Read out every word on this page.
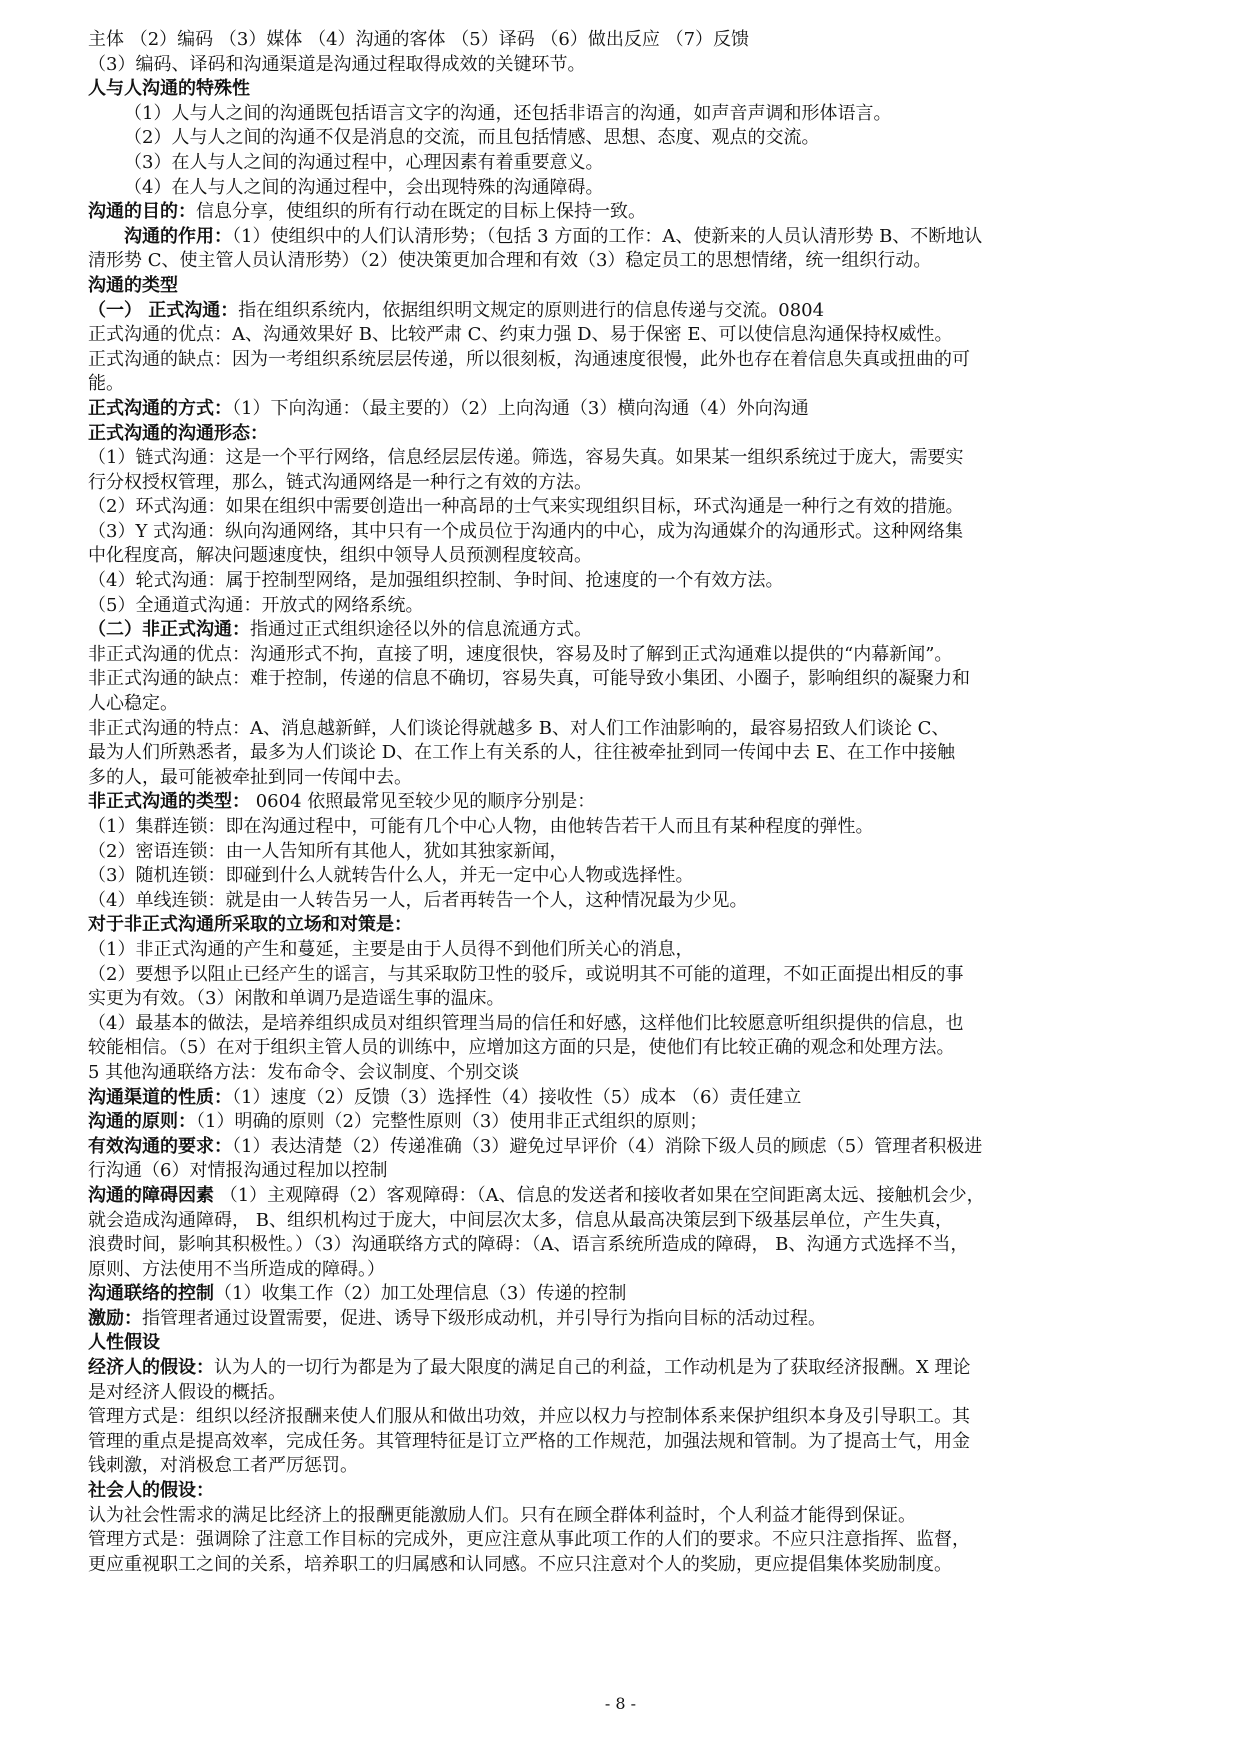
主体 （2）编码 （3）媒体 （4）沟通的客体 （5）译码 （6）做出反应 （7）反馈
（3）编码、译码和沟通渠道是沟通过程取得成效的关键环节。
人与人沟通的特殊性
（1）人与人之间的沟通既包括语言文字的沟通，还包括非语言的沟通，如声音声调和形体语言。
（2）人与人之间的沟通不仅是消息的交流，而且包括情感、思想、态度、观点的交流。
（3）在人与人之间的沟通过程中，心理因素有着重要意义。
（4）在人与人之间的沟通过程中，会出现特殊的沟通障碍。
沟通的目的：信息分享，使组织的所有行动在既定的目标上保持一致。
沟通的作用：（1）使组织中的人们认清形势；（包括 3 方面的工作：A、使新来的人员认清形势 B、不断地认
清形势 C、使主管人员认清形势）（2）使决策更加合理和有效（3）稳定员工的思想情绪，统一组织行动。
沟通的类型
（一） 正式沟通：指在组织系统内，依据组织明文规定的原则进行的信息传递与交流。0804
正式沟通的优点：A、沟通效果好 B、比较严肃 C、约束力强 D、易于保密 E、可以使信息沟通保持权威性。
正式沟通的缺点：因为一考组织系统层层传递，所以很刻板，沟通速度很慢，此外也存在着信息失真或扭曲的可
能。
正式沟通的方式：（1）下向沟通：（最主要的）（2）上向沟通（3）横向沟通（4）外向沟通
正式沟通的沟通形态：
（1）链式沟通：这是一个平行网络，信息经层层传递。筛选，容易失真。如果某一组织系统过于庞大，需要实
行分权授权管理，那么，链式沟通网络是一种行之有效的方法。
（2）环式沟通：如果在组织中需要创造出一种高昂的士气来实现组织目标，环式沟通是一种行之有效的措施。
（3）Y 式沟通：纵向沟通网络，其中只有一个成员位于沟通内的中心，成为沟通媒介的沟通形式。这种网络集
中化程度高，解决问题速度快，组织中领导人员预测程度较高。
（4）轮式沟通：属于控制型网络，是加强组织控制、争时间、抢速度的一个有效方法。
（5）全通道式沟通：开放式的网络系统。
（二）非正式沟通：指通过正式组织途径以外的信息流通方式。
非正式沟通的优点：沟通形式不拘，直接了明，速度很快，容易及时了解到正式沟通难以提供的“内幕新闻”。
非正式沟通的缺点：难于控制，传递的信息不确切，容易失真，可能导致小集团、小圈子，影响组织的凝聚力和
人心稳定。
非正式沟通的特点：A、消息越新鲜，人们谈论得就越多 B、对人们工作油影响的，最容易招致人们谈论 C、
最为人们所熟悉者，最多为人们谈论 D、在工作上有关系的人，往往被牵扯到同一传闻中去 E、在工作中接触
多的人，最可能被牵扯到同一传闻中去。
非正式沟通的类型： 0604 依照最常见至较少见的顺序分别是：
（1）集群连锁：即在沟通过程中，可能有几个中心人物，由他转告若干人而且有某种程度的弹性。
（2）密语连锁：由一人告知所有其他人，犹如其独家新闻，
（3）随机连锁：即碰到什么人就转告什么人，并无一定中心人物或选择性。
（4）单线连锁：就是由一人转告另一人，后者再转告一个人，这种情况最为少见。
对于非正式沟通所采取的立场和对策是：
（1）非正式沟通的产生和蔓延，主要是由于人员得不到他们所关心的消息，
（2）要想予以阻止已经产生的谣言，与其采取防卫性的驳斥，或说明其不可能的道理，不如正面提出相反的事
实更为有效。（3）闲散和单调乃是造谣生事的温床。
（4）最基本的做法，是培养组织成员对组织管理当局的信任和好感，这样他们比较愿意听组织提供的信息，也
较能相信。（5）在对于组织主管人员的训练中，应增加这方面的只是，使他们有比较正确的观念和处理方法。
5 其他沟通联络方法：发布命令、会议制度、个别交谈
沟通渠道的性质：（1）速度（2）反馈（3）选择性（4）接收性（5）成本 （6）责任建立
沟通的原则：（1）明确的原则（2）完整性原则（3）使用非正式组织的原则；
有效沟通的要求：（1）表达清楚（2）传递准确（3）避免过早评价（4）消除下级人员的顾虑（5）管理者积极进
行沟通（6）对情报沟通过程加以控制
沟通的障碍因素 （1）主观障碍（2）客观障碍：（A、信息的发送者和接收者如果在空间距离太远、接触机会少，
就会造成沟通障碍， B、组织机构过于庞大，中间层次太多，信息从最高决策层到下级基层单位，产生失真，
浪费时间，影响其积极性。）（3）沟通联络方式的障碍：（A、语言系统所造成的障碍， B、沟通方式选择不当，
原则、方法使用不当所造成的障碍。）
沟通联络的控制（1）收集工作（2）加工处理信息（3）传递的控制
激励：指管理者通过设置需要，促进、诱导下级形成动机，并引导行为指向目标的活动过程。
人性假设
经济人的假设：认为人的一切行为都是为了最大限度的满足自己的利益，工作动机是为了获取经济报酬。X 理论
是对经济人假设的概括。
管理方式是：组织以经济报酬来使人们服从和做出功效，并应以权力与控制体系来保护组织本身及引导职工。其
管理的重点是提高效率，完成任务。其管理特征是订立严格的工作规范，加强法规和管制。为了提高士气，用金
钱刺激，对消极怠工者严厉惩罚。
社会人的假设：
认为社会性需求的满足比经济上的报酬更能激励人们。只有在顾全群体利益时，个人利益才能得到保证。
管理方式是：强调除了注意工作目标的完成外，更应注意从事此项工作的人们的要求。不应只注意指挥、监督，
更应重视职工之间的关系，培养职工的归属感和认同感。不应只注意对个人的奖励，更应提倡集体奖励制度。
- 8 -
